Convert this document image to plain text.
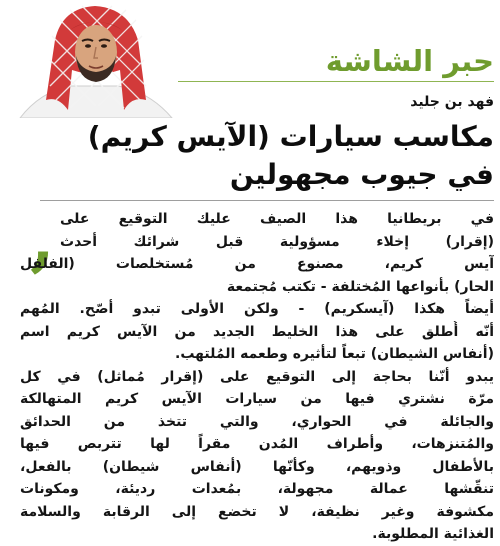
حبر الشاشة
فهد بن جليد
مكاسب سيارات (الآيس كريم)
في جيوب مجهولين
, في بريطانيا هذا الصيف عليك التوقيع على
(إقرار) إخلاء مسؤولية قبل شرائك أحدث
آيس كريم، مصنوع من مُستخلصات (الفلفل
الحار) بأنواعها المُختلفة - تكتب مُجتمعة
أيضاً هكذا (آيسكريم) - ولكن الأولى تبدو أصّح. المُهم
أنّه أُطلق على هذا الخليط الجديد من الآيس كريم اسم
(أنفاس الشيطان) تبعاً لتأثيره وطعمه المُلتهب.
يبدو أنّنا بحاجة إلى التوقيع على (إقرار مُماثل) في كل
مرّة نشتري فيها من سيارات الآيس كريم المتهالكة
والجائلة في الحواري، والتي تتخذ من الحدائق
والمُتنزهات، وأطراف المُدن مقراً لها تتربص فيها
بالأطفال وذويهم، وكأنّها (أنفاس شيطان) بالفعل،
تنقّشها عمالة مجهولة، بمُعدات رديئة، ومكونات
مكشوفة وغير نظيفة، لا تخضع إلى الرقابة والسلامة
الغذائية المطلوبة.
